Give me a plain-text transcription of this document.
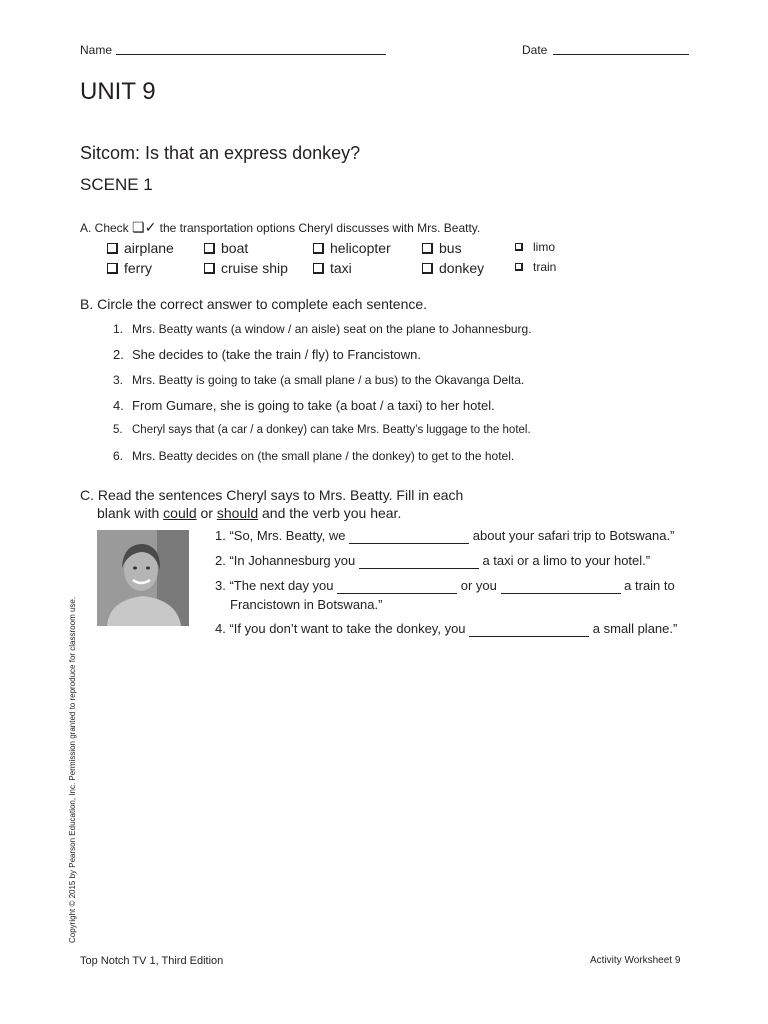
Name	Date
UNIT 9
Sitcom: Is that an express donkey?
SCENE 1
A. Check ❏✓ the transportation options Cheryl discusses with Mrs. Beatty.
airplane	boat	helicopter	bus	limo
ferry	cruise ship	taxi	donkey	train
B. Circle the correct answer to complete each sentence.
1. Mrs. Beatty wants (a window / an aisle) seat on the plane to Johannesburg.
2. She decides to (take the train / fly) to Francistown.
3. Mrs. Beatty is going to take (a small plane / a bus) to the Okavanga Delta.
4. From Gumare, she is going to take (a boat / a taxi) to her hotel.
5. Cheryl says that (a car / a donkey) can take Mrs. Beatty’s luggage to the hotel.
6. Mrs. Beatty decides on (the small plane / the donkey) to get to the hotel.
C. Read the sentences Cheryl says to Mrs. Beatty. Fill in each
blank with could or should and the verb you hear.
1. “So, Mrs. Beatty, we	about your safari trip to Botswana.”
2. “In Johannesburg you	a taxi or a limo to your hotel.”
3. “The next day you	or you	a train to
Francistown in Botswana.”
4. “If you don’t want to take the donkey, you	a small plane.”
Copyright © 2015 by Pearson Education, Inc. Permission granted to reproduce for classroom use.
Top Notch TV 1, Third Edition	Activity Worksheet 9
